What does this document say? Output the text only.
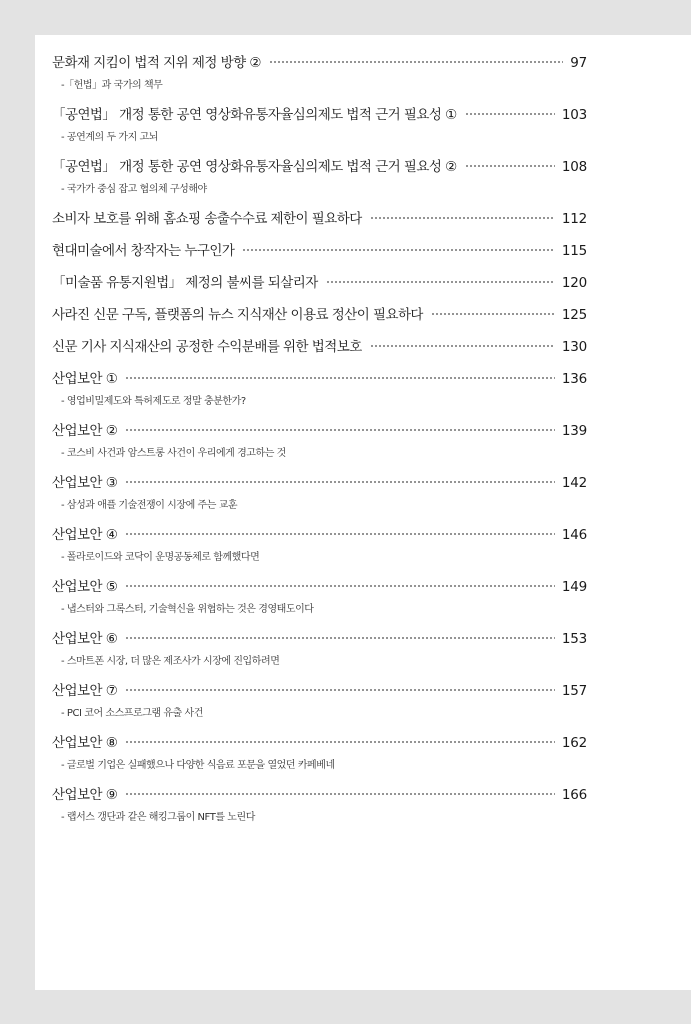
문화재 지킴이 법적 지위 제정 방향 ②	97
-「헌법」과 국가의 책무
「공연법」 개정 통한 공연 영상화유통자율심의제도 법적 근거 필요성 ①	103
- 공연계의 두 가지 고뇌
「공연법」 개정 통한 공연 영상화유통자율심의제도 법적 근거 필요성 ②	108
- 국가가 중심 잡고 협의체 구성해야
소비자 보호를 위해 홈쇼핑 송출수수료 제한이 필요하다	112
현대미술에서 창작자는 누구인가	115
「미술품 유통지원법」 제정의 불씨를 되살리자	120
사라진 신문 구독, 플랫폼의 뉴스 지식재산 이용료 정산이 필요하다	125
신문 기사 지식재산의 공정한 수익분배를 위한 법적보호	130
산업보안 ①	136
- 영업비밀제도와 특허제도로 정말 충분한가?
산업보안 ②	139
- 코스비 사건과 암스트롱 사건이 우리에게 경고하는 것
산업보안 ③	142
- 삼성과 애플 기술전쟁이 시장에 주는 교훈
산업보안 ④	146
- 폴라로이드와 코닥이 운명공동체로 함께했다면
산업보안 ⑤	149
- 냅스터와 그록스터, 기술혁신을 위협하는 것은 경영태도이다
산업보안 ⑥	153
- 스마트폰 시장, 더 많은 제조사가 시장에 진입하려면
산업보안 ⑦	157
- PCI 코어 소스프로그램 유출 사건
산업보안 ⑧	162
- 글로벌 기업은 실패했으나 다양한 식음료 포문을 열었던 카페베네
산업보안 ⑨	166
- 랩서스 갱단과 같은 해킹그룹이 NFT를 노린다
